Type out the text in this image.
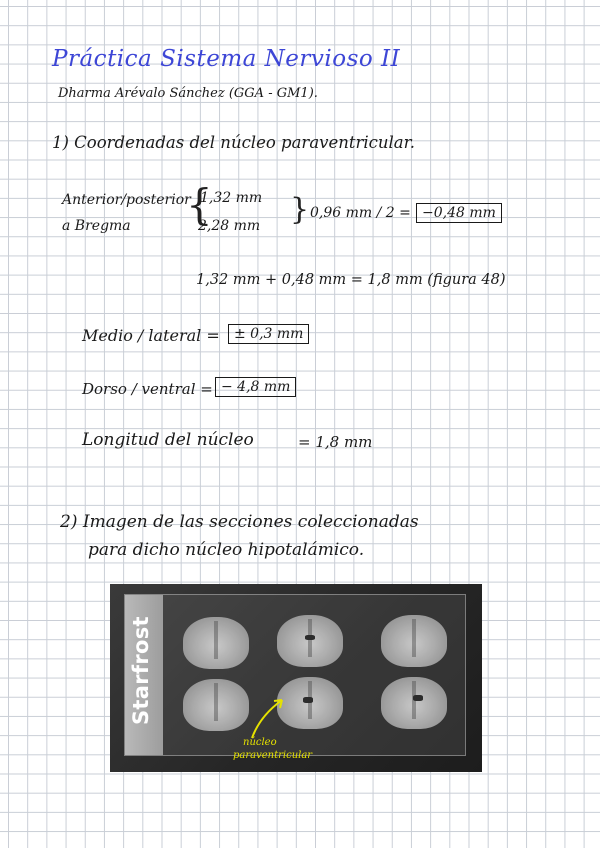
Práctica Sistema Nervioso II
Dharma Arévalo Sánchez (GGA - GM1).
1) Coordenadas del núcleo paraventricular.
Anterior/posterior
a Bregma {
1,32 mm
2,28 mm } 0,96 mm / 2 = −0,48 mm
1,32 mm + 0,48 mm = 1,8 mm (figura 48)
Medio / lateral =	± 0,3 mm
Dorso / ventral = − 4,8 mm
Longitud del núcleo	= 1,8 mm
2) Imagen de las secciones coleccionadas
para dicho núcleo hipotalámico.
Starfrost
núcleo
paraventricular
